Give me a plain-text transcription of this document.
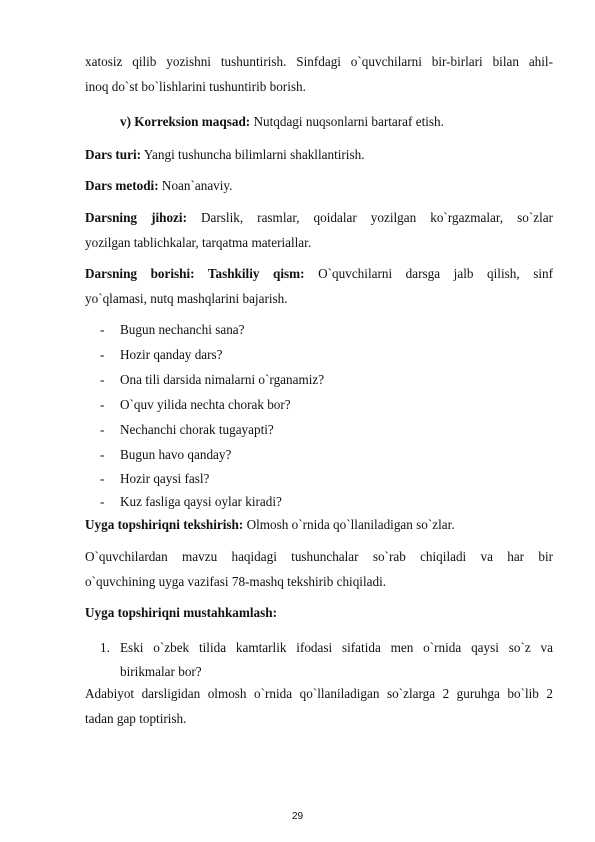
xatosiz qilib yozishni tushuntirish. Sinfdagi o`quvchilarni bir-birlari bilan ahil-
inoq do`st bo`lishlarini tushuntirib borish.
v) Korreksion maqsad: Nutqdagi nuqsonlarni bartaraf etish.
Dars turi: Yangi tushuncha bilimlarni shakllantirish.
Dars metodi: Noan`anaviy.
Darsning jihozi: Darslik, rasmlar, qoidalar yozilgan ko`rgazmalar, so`zlar
yozilgan tablichkalar, tarqatma materiallar.
Darsning borishi: Tashkiliy qism: O`quvchilarni darsga jalb qilish, sinf
yo`qlamasi, nutq mashqlarini bajarish.
- Bugun nechanchi sana?
- Hozir qanday dars?
- Ona tili darsida nimalarni o`rganamiz?
- O`quv yilida nechta chorak bor?
- Nechanchi chorak tugayapti?
- Bugun havo qanday?
- Hozir qaysi fasl?
- Kuz fasliga qaysi oylar kiradi?
Uyga topshiriqni tekshirish: Olmosh o`rnida qo`llaniladigan so`zlar.
O`quvchilardan mavzu haqidagi tushunchalar so`rab chiqiladi va har bir
o`quvchining uyga vazifasi 78-mashq tekshirib chiqiladi.
Uyga topshiriqni mustahkamlash:
1. Eski o`zbek tilida kamtarlik ifodasi sifatida men o`rnida qaysi so`z va
birikmalar bor?
Adabiyot darsligidan olmosh o`rnida qo`llaniladigan so`zlarga 2 guruhga bo`lib 2
tadan gap toptirish.
29
